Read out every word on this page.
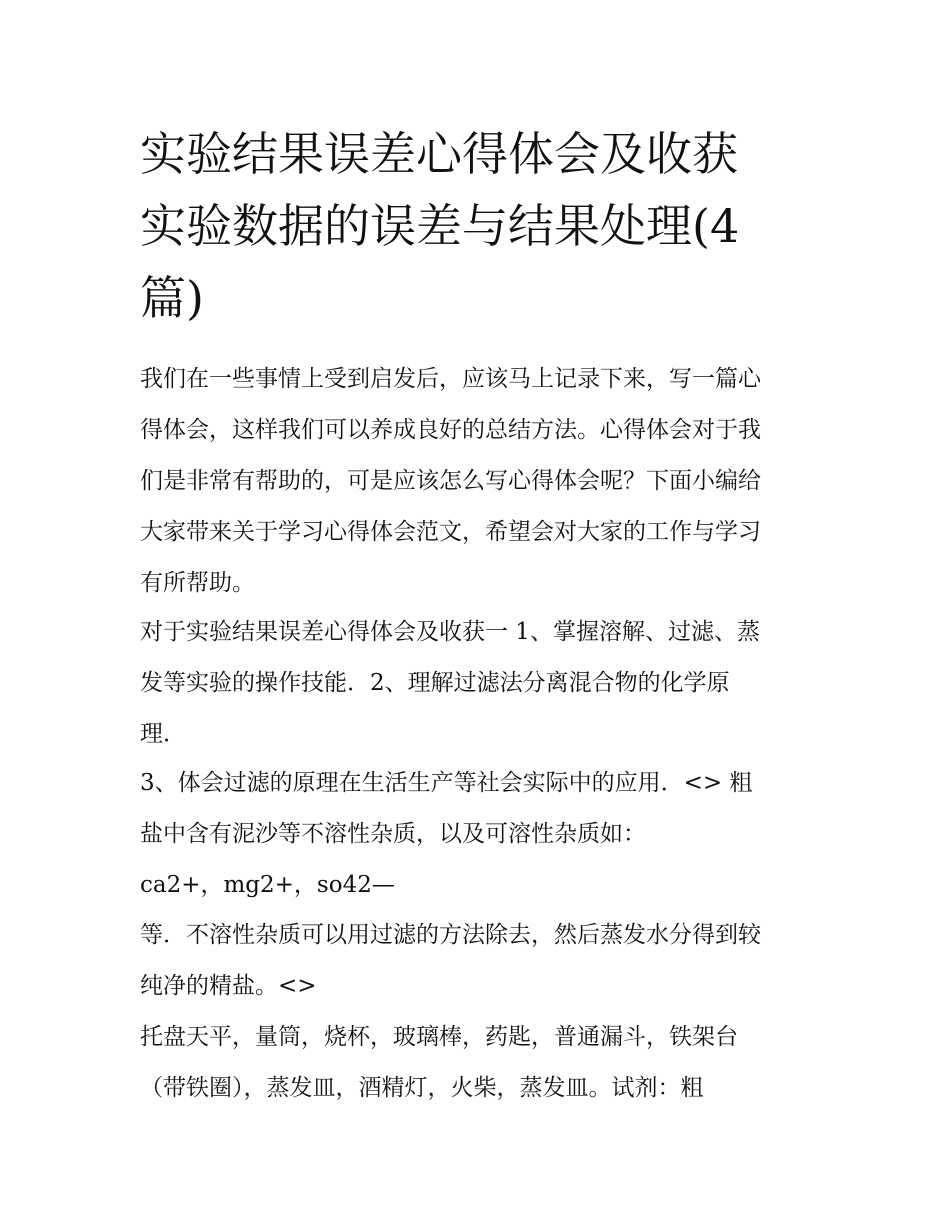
实验结果误差心得体会及收获
实验数据的误差与结果处理(4
篇)

我们在一些事情上受到启发后，应该马上记录下来，写一篇心
得体会，这样我们可以养成良好的总结方法。心得体会对于我
们是非常有帮助的，可是应该怎么写心得体会呢？下面小编给
大家带来关于学习心得体会范文，希望会对大家的工作与学习
有所帮助。

对于实验结果误差心得体会及收获一 1、掌握溶解、过滤、蒸
发等实验的操作技能．2、理解过滤法分离混合物的化学原
理．

3、体会过滤的原理在生活生产等社会实际中的应用．<> 粗
盐中含有泥沙等不溶性杂质，以及可溶性杂质如：
ca2+，mg2+，so42—

等．不溶性杂质可以用过滤的方法除去，然后蒸发水分得到较
纯净的精盐。<>

托盘天平，量筒，烧杯，玻璃棒，药匙，普通漏斗，铁架台
（带铁圈），蒸发皿，酒精灯，火柴，蒸发皿。试剂：粗
